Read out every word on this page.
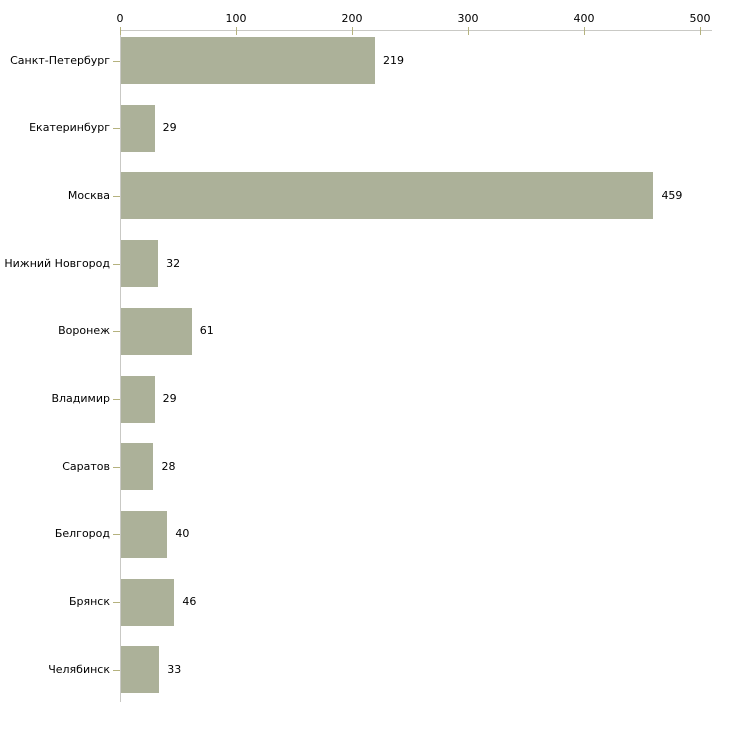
0	100	200	300	400	500
Санкт-Петербург	219
Екатеринбург	29
Москва	459
Нижний Новгород	32
Воронеж	61
Владимир	29
Саратов	28
Белгород	40
Брянск	46
Челябинск	33
